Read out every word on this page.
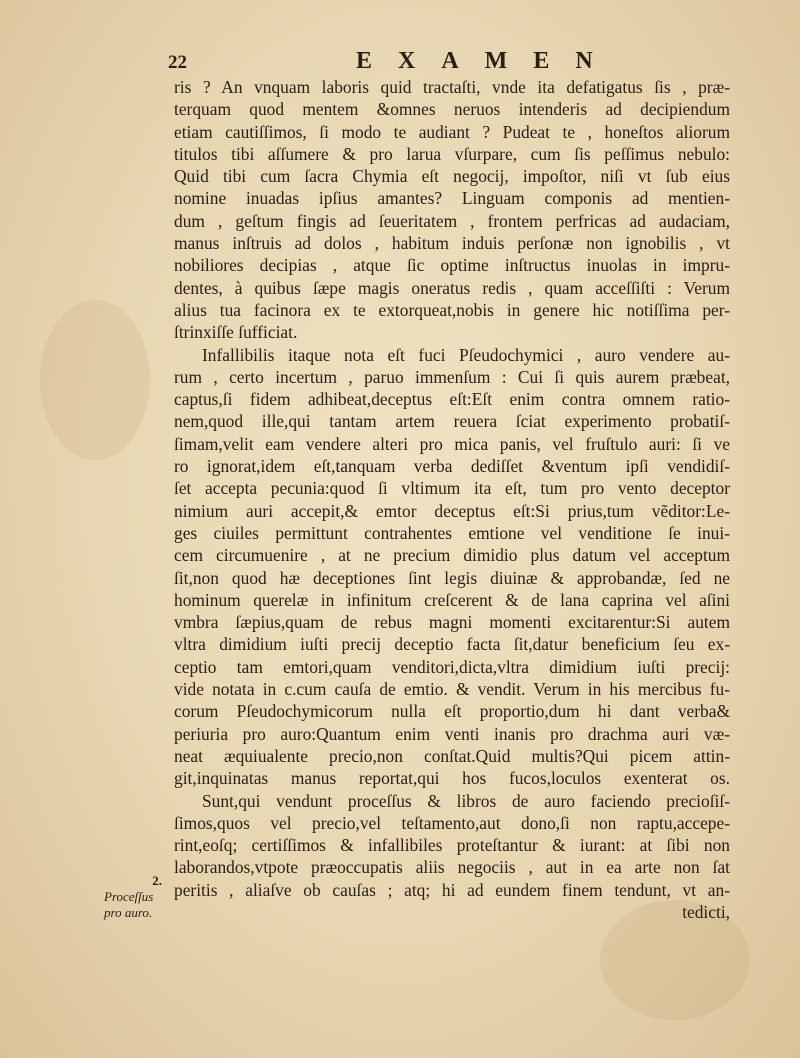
22	EXAMEN
2.
Proceſſus pro auro.
ris ? An vnquam laboris quid tractaſti, vnde ita defatigatus ſis , præ-
terquam quod mentem &omnes neruos intenderis ad decipiendum
etiam cautiſſimos, ſi modo te audiant ? Pudeat te , honeſtos aliorum
titulos tibi aſſumere & pro larua vſurpare, cum ſis peſſimus nebulo:
Quid tibi cum ſacra Chymia eſt negocij, impoſtor, niſi vt ſub eius
nomine inuadas ipſius amantes? Linguam componis ad mentien-
dum , geſtum fingis ad ſeueritatem , frontem perfricas ad audaciam,
manus inſtruis ad dolos , habitum induis perſonæ non ignobilis , vt
nobiliores decipias , atque ſic optime inſtructus inuolas in impru-
dentes, à quibus ſæpe magis oneratus redis , quam acceſſiſti : Verum
alius tua facinora ex te extorqueat,nobis in genere hic notiſſima per-
ſtrinxiſſe ſufficiat.
Infallibilis itaque nota eſt fuci Pſeudochymici , auro vendere au-
rum , certo incertum , paruo immenſum : Cui ſi quis aurem præbeat,
captus,ſi fidem adhibeat,deceptus eſt:Eſt enim contra omnem ratio-
nem,quod ille,qui tantam artem reuera ſciat experimento probatiſ-
ſimam,velit eam vendere alteri pro mica panis, vel fruſtulo auri: ſi ve
ro ignorat,idem eſt,tanquam verba dediſſet &ventum ipſi vendidiſ-
ſet accepta pecunia:quod ſi vltimum ita eſt, tum pro vento deceptor
nimium auri accepit,& emtor deceptus eſt:Si prius,tum vẽditor:Le-
ges ciuiles permittunt contrahentes emtione vel venditione ſe inui-
cem circumuenire , at ne precium dimidio plus datum vel acceptum
ſit,non quod hæ deceptiones ſint legis diuinæ & approbandæ, ſed ne
hominum querelæ in infinitum creſcerent & de lana caprina vel aſini
vmbra ſæpius,quam de rebus magni momenti excitarentur:Si autem
vltra dimidium iuſti precij deceptio facta ſit,datur beneficium ſeu ex-
ceptio tam emtori,quam venditori,dicta,vltra dimidium iuſti precij:
vide notata in c.cum cauſa de emtio. & vendit. Verum in his mercibus fu-
corum Pſeudochymicorum nulla eſt proportio,dum hi dant verba&
periuria pro auro:Quantum enim venti inanis pro drachma auri væ-
neat æquiualente precio,non conſtat.Quid multis?Qui picem attin-
git,inquinatas manus reportat,qui hos fucos,loculos exenterat os.
Sunt,qui vendunt proceſſus & libros de auro faciendo precioſiſ-
ſimos,quos vel precio,vel teſtamento,aut dono,ſi non raptu,accepe-
rint,eoſq; certiſſimos & infallibiles proteſtantur & iurant: at ſibi non
laborandos,vtpote præoccupatis aliis negociis , aut in ea arte non ſat
peritis , aliaſve ob cauſas ; atq; hi ad eundem finem tendunt, vt an-
tedicti,
